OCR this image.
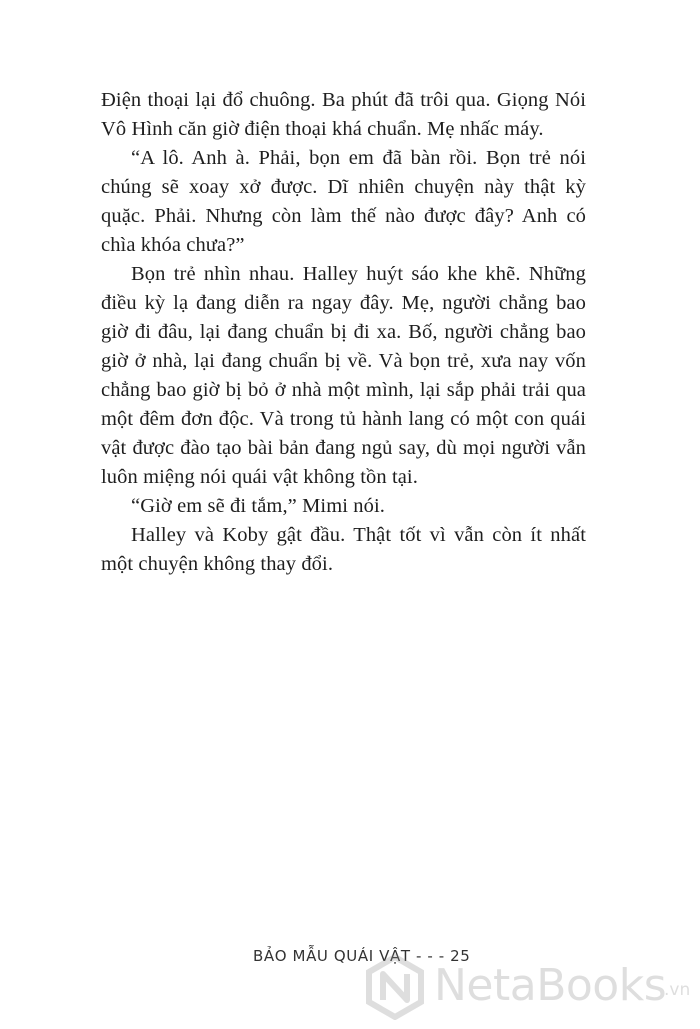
Điện thoại lại đổ chuông. Ba phút đã trôi qua. Giọng Nói Vô Hình căn giờ điện thoại khá chuẩn. Mẹ nhấc máy.

“A lô. Anh à. Phải, bọn em đã bàn rồi. Bọn trẻ nói chúng sẽ xoay xở được. Dĩ nhiên chuyện này thật kỳ quặc. Phải. Nhưng còn làm thế nào được đây? Anh có chìa khóa chưa?”

Bọn trẻ nhìn nhau. Halley huýt sáo khe khẽ. Những điều kỳ lạ đang diễn ra ngay đây. Mẹ, người chẳng bao giờ đi đâu, lại đang chuẩn bị đi xa. Bố, người chẳng bao giờ ở nhà, lại đang chuẩn bị về. Và bọn trẻ, xưa nay vốn chẳng bao giờ bị bỏ ở nhà một mình, lại sắp phải trải qua một đêm đơn độc. Và trong tủ hành lang có một con quái vật được đào tạo bài bản đang ngủ say, dù mọi người vẫn luôn miệng nói quái vật không tồn tại.

“Giờ em sẽ đi tắm,” Mimi nói.

Halley và Koby gật đầu. Thật tốt vì vẫn còn ít nhất một chuyện không thay đổi.

BẢO MẪU QUÁI VẬT - - - 25
NetaBooks
.vn
